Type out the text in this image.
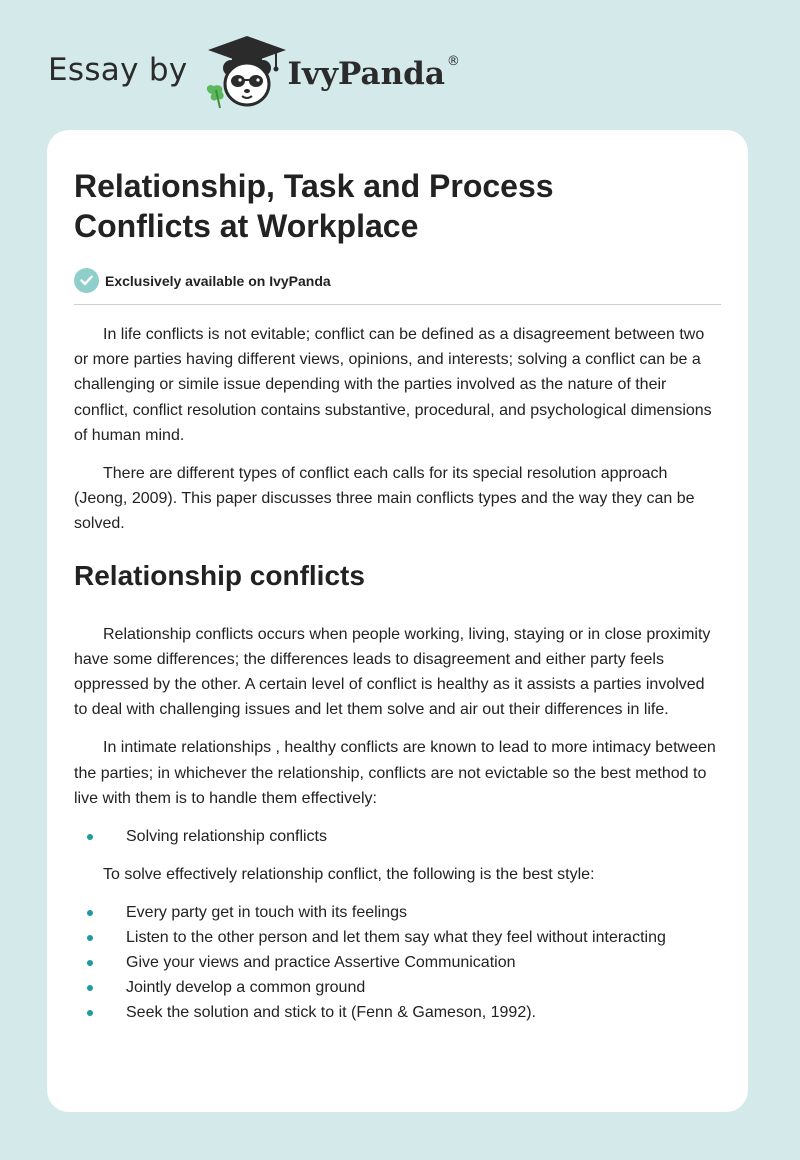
Essay by	IvyPanda ®
Relationship, Task and Process Conflicts at Workplace
Exclusively available on IvyPanda

In life conflicts is not evitable; conflict can be defined as a disagreement between two or more parties having different views, opinions, and interests; solving a conflict can be a challenging or simile issue depending with the parties involved as the nature of their conflict, conflict resolution contains substantive, procedural, and psychological dimensions of human mind.

There are different types of conflict each calls for its special resolution approach (Jeong, 2009). This paper discusses three main conflicts types and the way they can be solved.

Relationship conflicts

Relationship conflicts occurs when people working, living, staying or in close proximity have some differences; the differences leads to disagreement and either party feels oppressed by the other. A certain level of conflict is healthy as it assists a parties involved to deal with challenging issues and let them solve and air out their differences in life.

In intimate relationships , healthy conflicts are known to lead to more intimacy between the parties; in whichever the relationship, conflicts are not evictable so the best method to live with them is to handle them effectively:

Solving relationship conflicts

To solve effectively relationship conflict, the following is the best style:

Every party get in touch with its feelings
Listen to the other person and let them say what they feel without interacting
Give your views and practice Assertive Communication
Jointly develop a common ground
Seek the solution and stick to it (Fenn & Gameson, 1992).
